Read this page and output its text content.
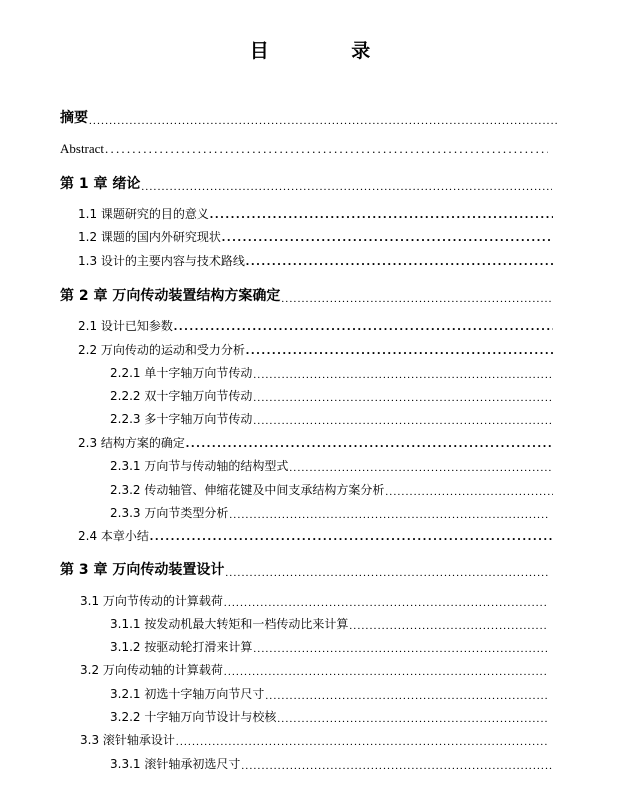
目 录
摘要
.....
Abstract
.....
第 1 章 绪论
.....
1.1 课题研究的目的意义
.....
1.2 课题的国内外研究现状
.....
1.3 设计的主要内容与技术路线
.....
第 2 章 万向传动装置结构方案确定
.....
2.1 设计已知参数
.....
2.2 万向传动的运动和受力分析
.....
2.2.1 单十字轴万向节传动
.....
2.2.2 双十字轴万向节传动
.....
2.2.3 多十字轴万向节传动
.....
2.3 结构方案的确定
.....
2.3.1 万向节与传动轴的结构型式
.....
2.3.2 传动轴管、伸缩花键及中间支承结构方案分析
.....
2.3.3 万向节类型分析
.....
2.4 本章小结
.....
第 3 章 万向传动装置设计
.....
3.1 万向节传动的计算载荷
.....
3.1.1 按发动机最大转矩和一档传动比来计算
.....
3.1.2 按驱动轮打滑来计算
.....
3.2 万向传动轴的计算载荷
.....
3.2.1 初选十字轴万向节尺寸
.....
3.2.2 十字轴万向节设计与校核
.....
3.3 滚针轴承设计
.....
3.3.1 滚针轴承初选尺寸
.....
